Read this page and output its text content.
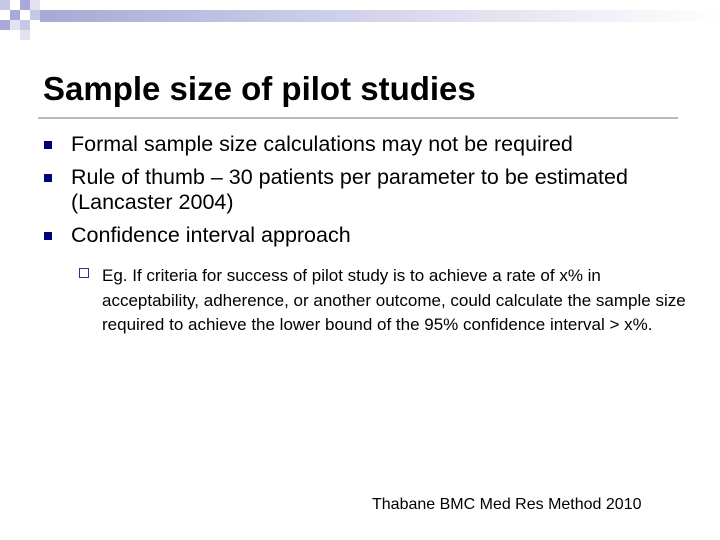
Sample size of pilot studies
Formal sample size calculations may not be required
Rule of thumb – 30 patients per parameter to be estimated (Lancaster 2004)
Confidence interval approach
Eg. If criteria for success of pilot study is to achieve a rate of x% in acceptability, adherence, or another outcome, could calculate the sample size required to achieve the lower bound of the 95% confidence interval > x%.
Thabane BMC Med Res Method 2010
